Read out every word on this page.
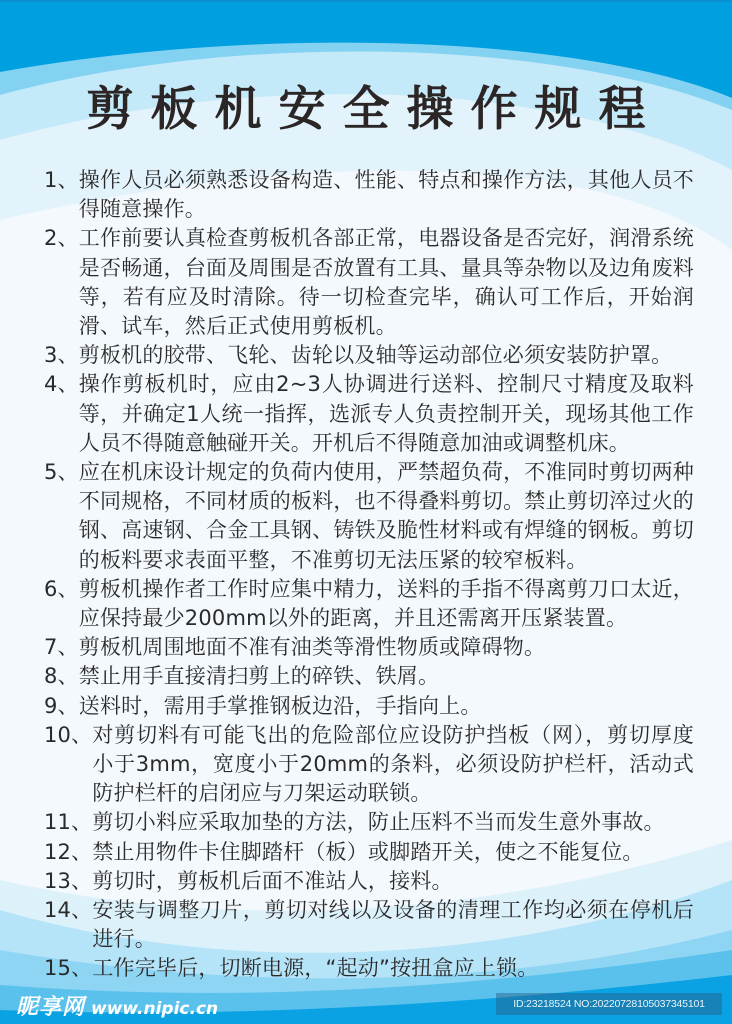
剪板机安全操作规程
1、 操作人员必须熟悉设备构造、性能、特点和操作方法，其他人员不得随意操作。
2、 工作前要认真检查剪板机各部正常，电器设备是否完好，润滑系统是否畅通，台面及周围是否放置有工具、量具等杂物以及边角废料等，若有应及时清除。待一切检查完毕，确认可工作后，开始润滑、试车，然后正式使用剪板机。
3、 剪板机的胶带、飞轮、齿轮以及轴等运动部位必须安装防护罩。
4、 操作剪板机时，应由2~3人协调进行送料、控制尺寸精度及取料等，并确定1人统一指挥，选派专人负责控制开关，现场其他工作人员不得随意触碰开关。开机后不得随意加油或调整机床。
5、 应在机床设计规定的负荷内使用，严禁超负荷，不准同时剪切两种不同规格，不同材质的板料，也不得叠料剪切。禁止剪切淬过火的钢、高速钢、合金工具钢、铸铁及脆性材料或有焊缝的钢板。剪切的板料要求表面平整，不准剪切无法压紧的较窄板料。
6、 剪板机操作者工作时应集中精力，送料的手指不得离剪刀口太近，应保持最少200mm以外的距离，并且还需离开压紧装置。
7、 剪板机周围地面不准有油类等滑性物质或障碍物。
8、 禁止用手直接清扫剪上的碎铁、铁屑。
9、 送料时，需用手掌推钢板边沿，手指向上。
10、 对剪切料有可能飞出的危险部位应设防护挡板（网），剪切厚度小于3mm，宽度小于20mm的条料，必须设防护栏杆，活动式防护栏杆的启闭应与刀架运动联锁。
11、 剪切小料应采取加垫的方法，防止压料不当而发生意外事故。
12、 禁止用物件卡住脚踏杆（板）或脚踏开关，使之不能复位。
13、 剪切时，剪板机后面不准站人，接料。
14、 安装与调整刀片，剪切对线以及设备的清理工作均必须在停机后进行。
15、 工作完毕后，切断电源，“起动”按扭盒应上锁。
昵享网 www.nipic.cn	ID:23218524 NO:20220728105037345101
